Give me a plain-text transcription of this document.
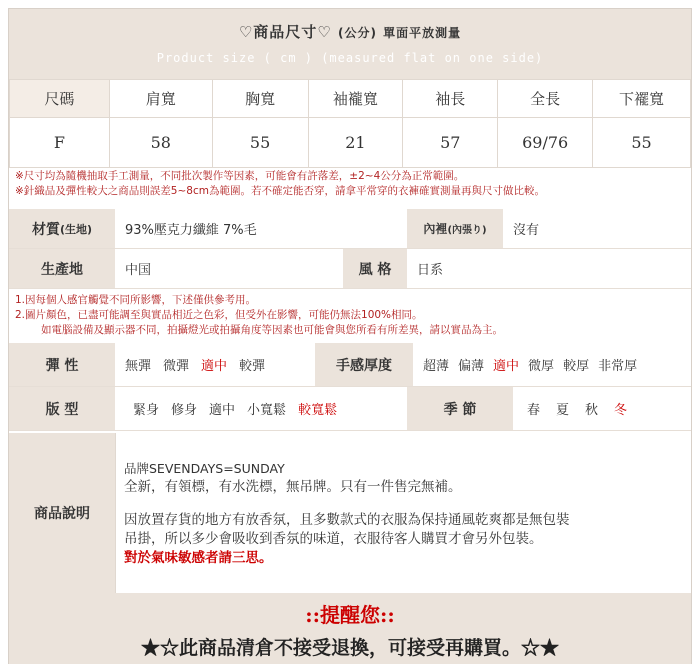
♡商品尺寸♡ (公分) 單面平放測量
Product size ( cm ) (measured flat on one side)
尺碼	肩寬	胸寬	袖襱寬	袖長	全長	下襬寬
F	58	55	21	57	69/76	55
※尺寸均為隨機抽取手工測量，不同批次製作等因素，可能會有許落差，±2~4公分為正常範圍。
※針織品及彈性較大之商品則誤差5~8cm為範圍。若不確定能否穿，請拿平常穿的衣褲確實測量再與尺寸做比較。
材質 (生地)	93%壓克力纖維 7%毛	內裡 (內張り)	沒有
生產地	中国	風 格	日系
1.因每個人感官觸覺不同所影響，下述僅供參考用。
2.圖片顏色，已盡可能調至與實品相近之色彩，但受外在影響，可能仍無法100%相同。
如電腦設備及顯示器不同，拍攝燈光或拍攝角度等因素也可能會與您所看有所差異，請以實品為主。
彈 性	無彈 微彈 適中 較彈	手感厚度	超薄 偏薄 適中 微厚 較厚 非常厚
版 型	緊身 修身 適中 小寬鬆 較寬鬆	季 節	春 夏 秋 冬
商品說明
品牌SEVENDAYS=SUNDAY
全新，有領標，有水洗標，無吊牌。只有一件售完無補。
因放置存貨的地方有放香氛，且多數款式的衣服為保持通風乾爽都是無包裝
吊掛，所以多少會吸收到香氛的味道，衣服待客人購買才會另外包裝。
對於氣味敏感者請三思。
::提醒您::
★☆此商品清倉不接受退換，可接受再購買。☆★
